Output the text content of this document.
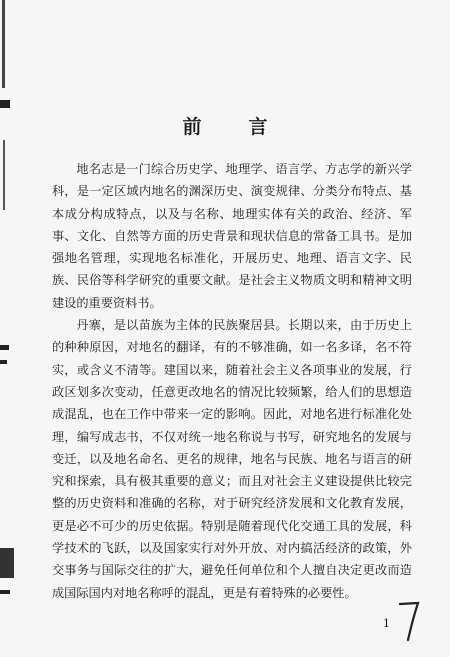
前　言

地名志是一门综合历史学、地理学、语言学、方志学的新兴学科，是一定区域内地名的渊深历史、演变规律、分类分布特点、基本成分构成特点，以及与名称、地理实体有关的政治、经济、军事、文化、自然等方面的历史背景和现状信息的常备工具书。是加强地名管理，实现地名标准化，开展历史、地理、语言文字、民族、民俗等科学研究的重要文献。是社会主义物质文明和精神文明建设的重要资料书。

丹寨，是以苗族为主体的民族聚居县。长期以来，由于历史上的种种原因，对地名的翻译，有的不够准确，如一名多译，名不符实，或含义不清等。建国以来，随着社会主义各项事业的发展，行政区划多次变动，任意更改地名的情况比较频繁，给人们的思想造成混乱，也在工作中带来一定的影响。因此，对地名进行标准化处理，编写成志书，不仅对统一地名称说与书写，研究地名的发展与变迁，以及地名命名、更名的规律，地名与民族、地名与语言的研究和探索，具有极其重要的意义；而且对社会主义建设提供比较完整的历史资料和准确的名称，对于研究经济发展和文化教育发展，更是必不可少的历史依据。特别是随着现代化交通工具的发展，科学技术的飞跃，以及国家实行对外开放、对内搞活经济的政策，外交事务与国际交往的扩大，避免任何单位和个人擅自决定更改而造成国际国内对地名称呼的混乱，更是有着特殊的必要性。

1
